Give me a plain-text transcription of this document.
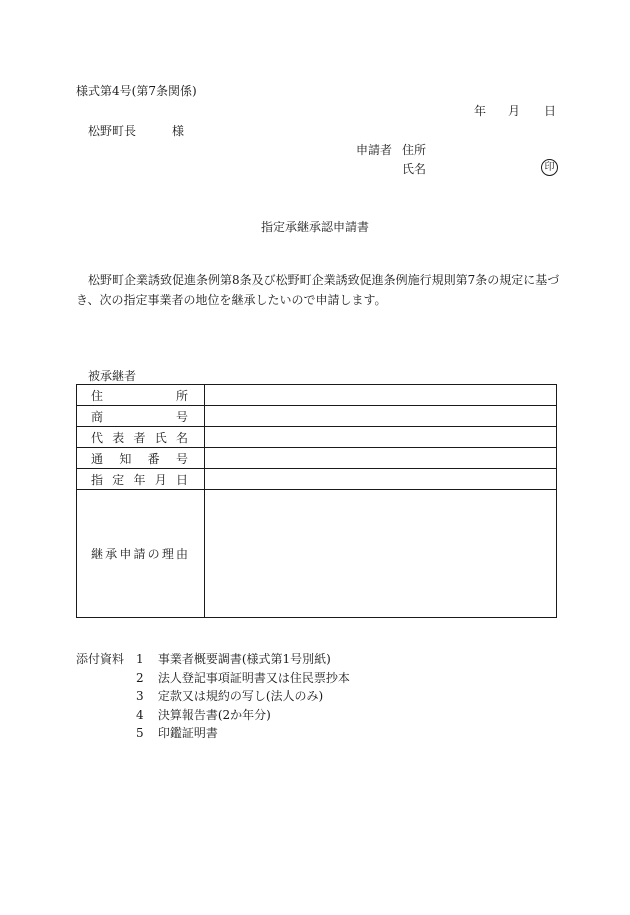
様式第4号(第7条関係)
年 月 日
松野町長	様
申請者 住所
氏名	印
指定承継承認申請書
松野町企業誘致促進条例第8条及び松野町企業誘致促進条例施行規則第7条の規定に基づき、次の指定事業者の地位を継承したいので申請します。
被承継者
住所	
商号	
代表者氏名	
通知番号	
指定年月日	
継承申請の理由	
添付資料 1 事業者概要調書(様式第1号別紙)
2 法人登記事項証明書又は住民票抄本
3 定款又は規約の写し(法人のみ)
4 決算報告書(2か年分)
5 印鑑証明書
